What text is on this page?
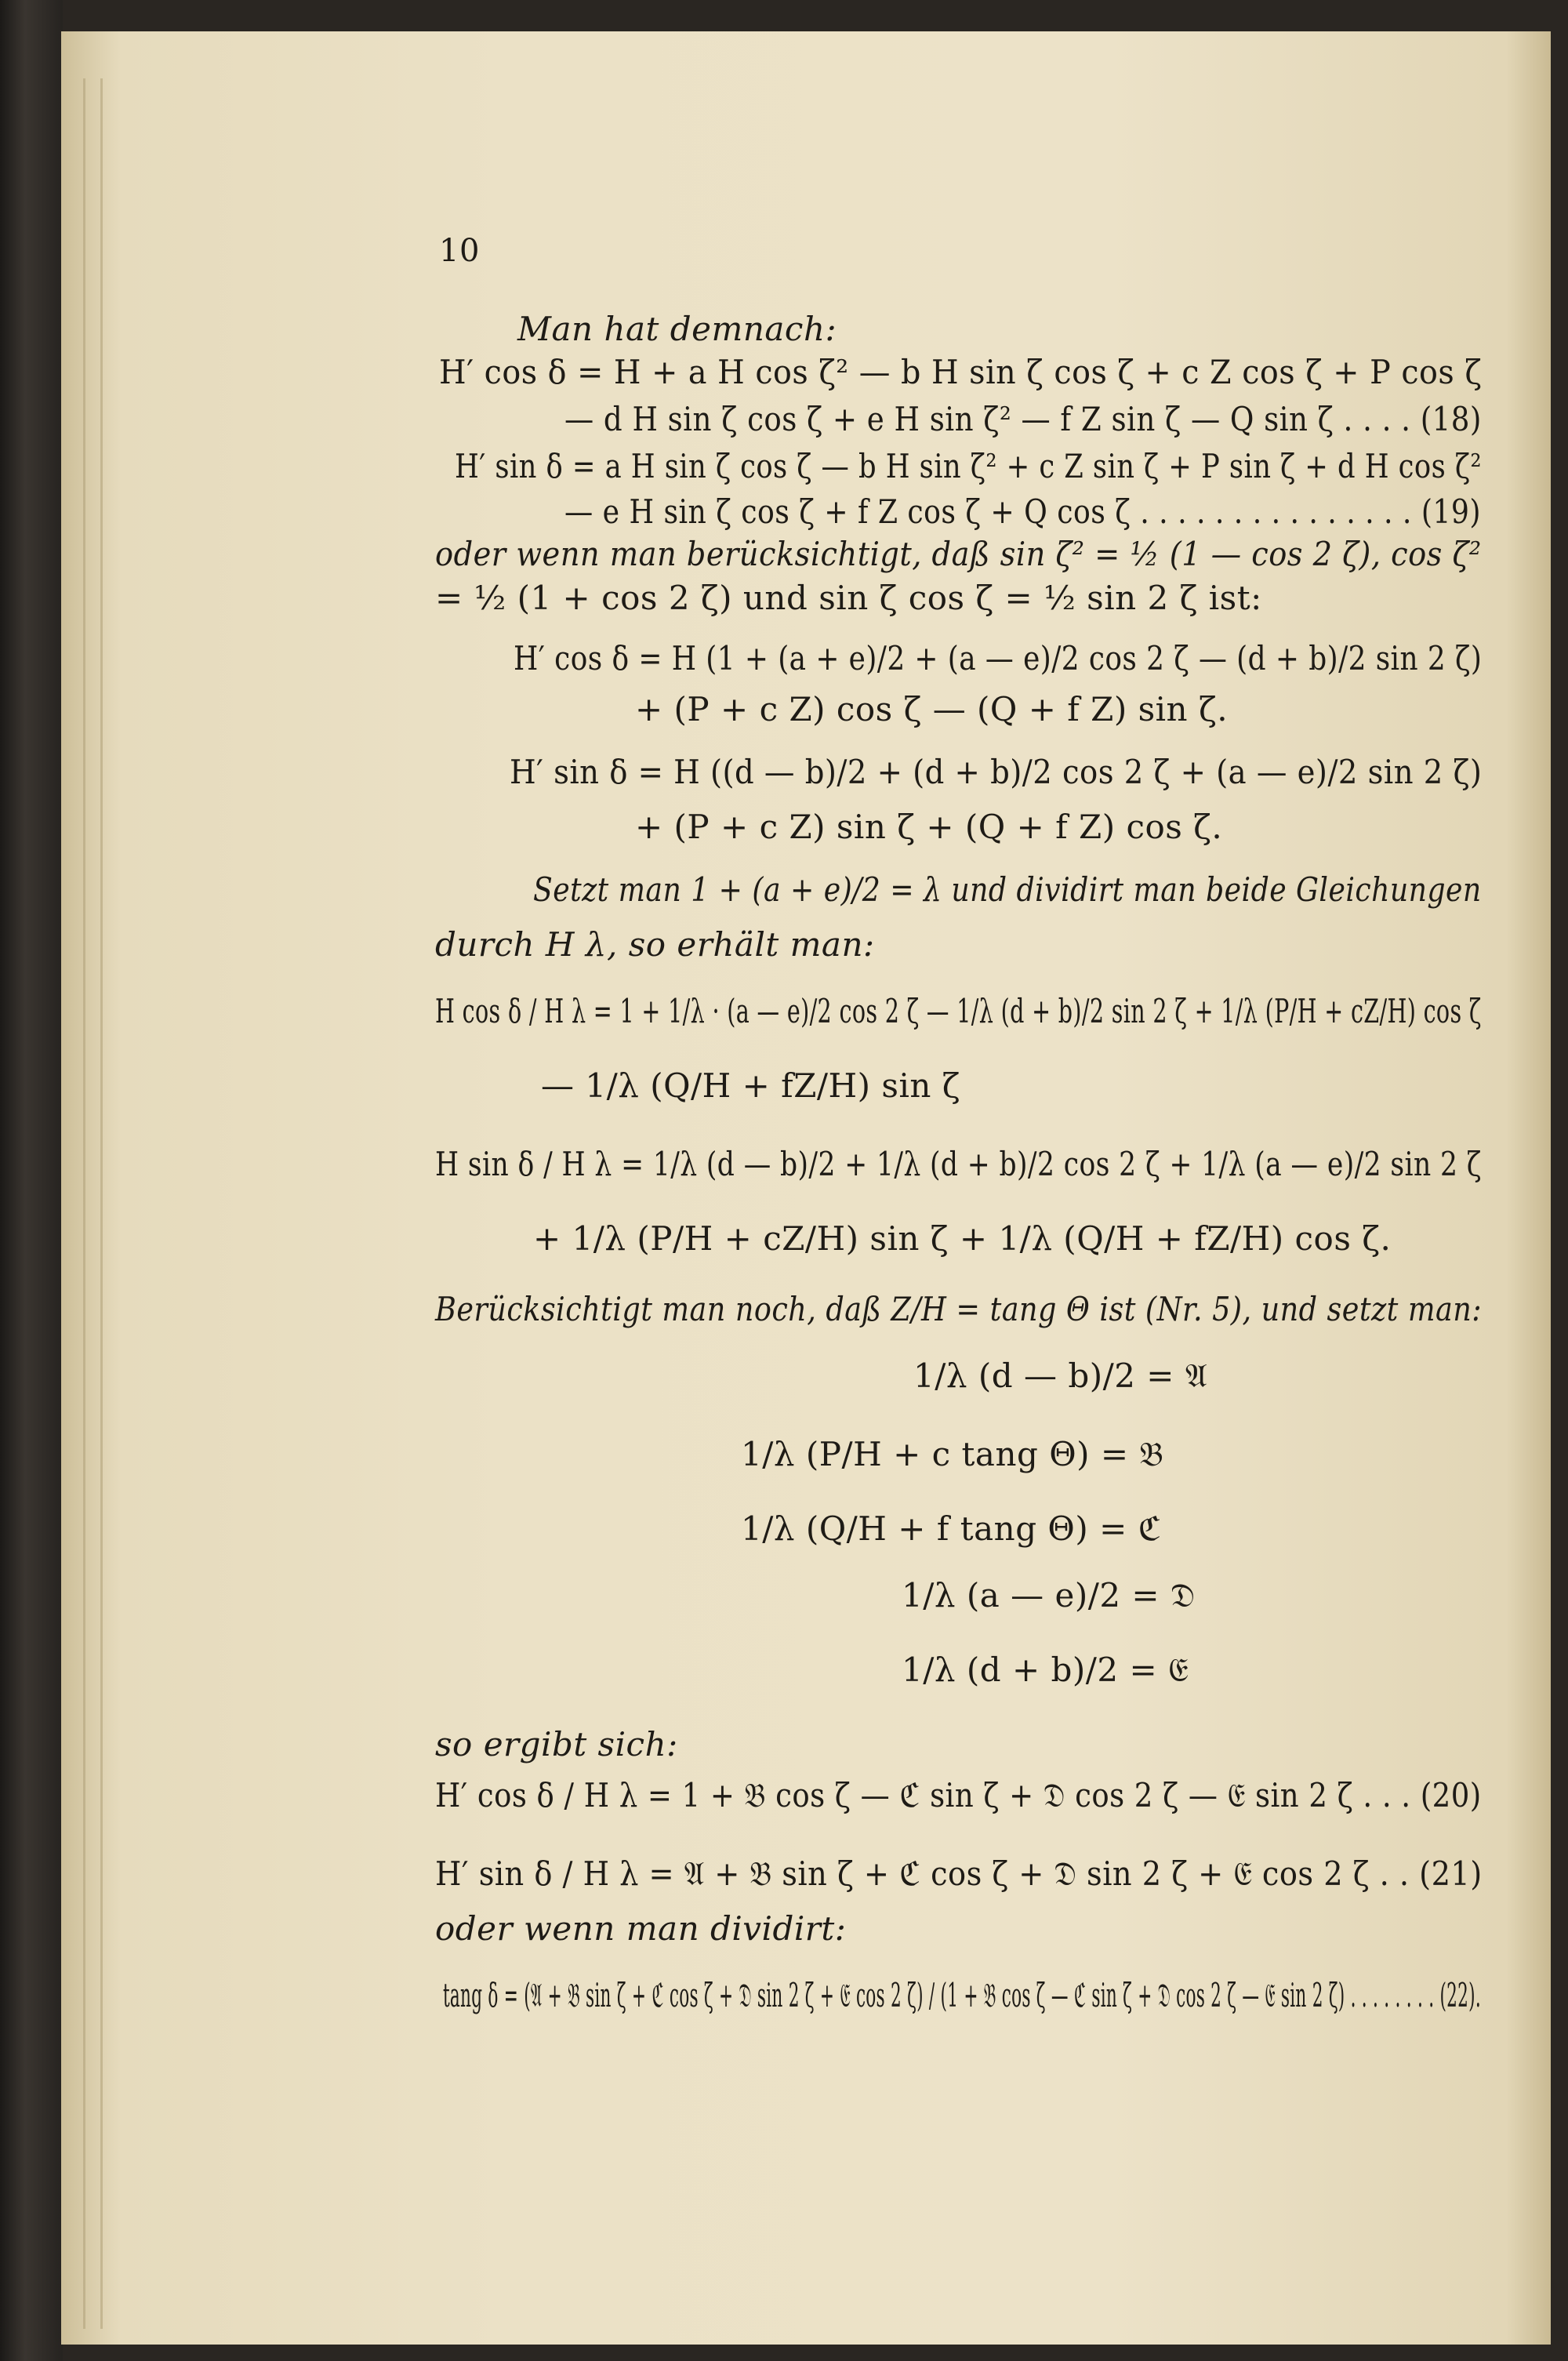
10
Man hat demnach:
H′ cos δ = H + a H cos ζ² — b H sin ζ cos ζ + c Z cos ζ + P cos ζ
— d H sin ζ cos ζ + e H sin ζ² — f Z sin ζ — Q sin ζ . . . . (18)
H′ sin δ = a H sin ζ cos ζ — b H sin ζ² + c Z sin ζ + P sin ζ + d H cos ζ²
— e H sin ζ cos ζ + f Z cos ζ + Q cos ζ . . . . . . . . . . . . . . . (19)
oder wenn man berücksichtigt, daß sin ζ² = ½ (1 — cos 2 ζ), cos ζ²
= ½ (1 + cos 2 ζ) und sin ζ cos ζ = ½ sin 2 ζ ist:
H′ cos δ = H (1 + (a + e)/2 + (a — e)/2 cos 2 ζ — (d + b)/2 sin 2 ζ)
+ (P + c Z) cos ζ — (Q + f Z) sin ζ.
H′ sin δ = H ((d — b)/2 + (d + b)/2 cos 2 ζ + (a — e)/2 sin 2 ζ)
+ (P + c Z) sin ζ + (Q + f Z) cos ζ.
Setzt man 1 + (a + e)/2 = λ und dividirt man beide Gleichungen
durch H λ, so erhält man:
H cos δ / H λ = 1 + 1/λ · (a — e)/2 cos 2 ζ — 1/λ (d + b)/2 sin 2 ζ + 1/λ (P/H + cZ/H) cos ζ
— 1/λ (Q/H + fZ/H) sin ζ
H sin δ / H λ = 1/λ (d — b)/2 + 1/λ (d + b)/2 cos 2 ζ + 1/λ (a — e)/2 sin 2 ζ
+ 1/λ (P/H + cZ/H) sin ζ + 1/λ (Q/H + fZ/H) cos ζ.
Berücksichtigt man noch, daß Z/H = tang Θ ist (Nr. 5), und setzt man:
1/λ (d — b)/2 = 𝔄
1/λ (P/H + c tang Θ) = 𝔅
1/λ (Q/H + f tang Θ) = ℭ
1/λ (a — e)/2 = 𝔇
1/λ (d + b)/2 = 𝔈
so ergibt sich:
H′ cos δ / H λ = 1 + 𝔅 cos ζ — ℭ sin ζ + 𝔇 cos 2 ζ — 𝔈 sin 2 ζ . . . (20)
H′ sin δ / H λ = 𝔄 + 𝔅 sin ζ + ℭ cos ζ + 𝔇 sin 2 ζ + 𝔈 cos 2 ζ . . (21)
oder wenn man dividirt:
tang δ = (𝔄 + 𝔅 sin ζ + ℭ cos ζ + 𝔇 sin 2 ζ + 𝔈 cos 2 ζ) / (1 + 𝔅 cos ζ — ℭ sin ζ + 𝔇 cos 2 ζ — 𝔈 sin 2 ζ) . . . . . . . . (22).
